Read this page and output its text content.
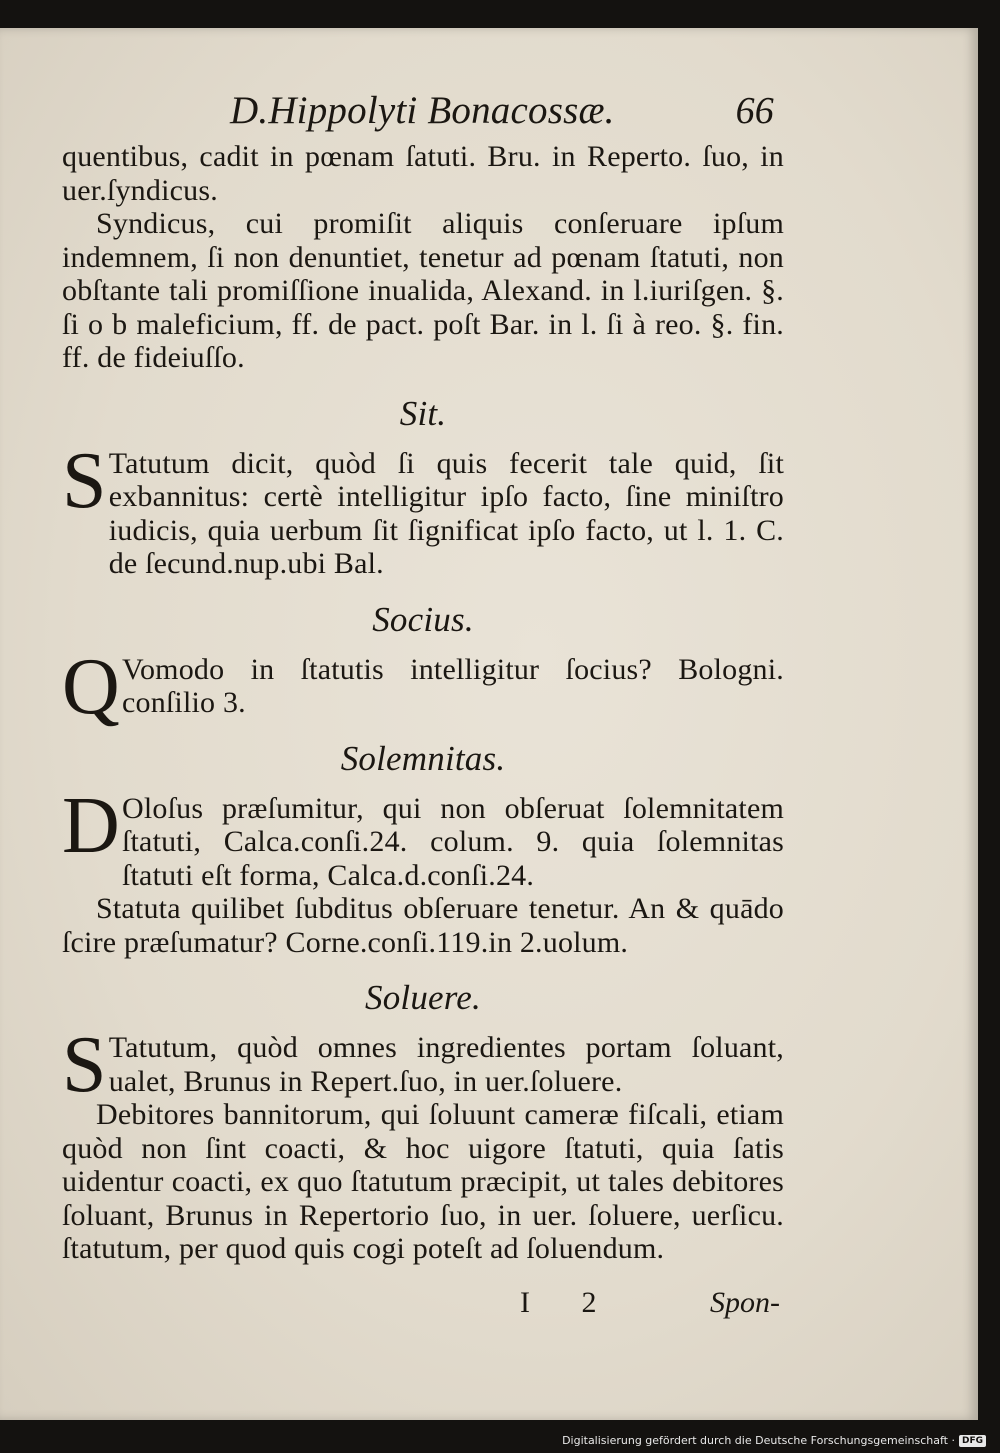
D.Hippolyti Bonacossæ.	66

quentibus, cadit in pœnam ſatuti. Bru. in Reperto. ſuo, in uer.ſyndicus.

Syndicus, cui promiſit aliquis conſeruare ipſum indemnem, ſi non denuntiet, tenetur ad pœnam ſtatuti, non obſtante tali promiſſione inualida, Alexand. in l.iuriſgen. §. ſi o b maleficium, ff. de pact. poſt Bar. in l. ſi à reo. §. fin. ff. de fideiuſſo.

Sit.
S Tatutum dicit, quòd ſi quis fecerit tale quid, ſit exbannitus: certè intelligitur ipſo facto, ſine miniſtro iudicis, quia uerbum ſit ſignificat ipſo facto, ut l. 1. C. de ſecund.nup.ubi Bal.

Socius.
Q Vomodo in ſtatutis intelligitur ſocius? Bologni. conſilio 3.

Solemnitas.
D Oloſus præſumitur, qui non obſeruat ſolemnitatem ſtatuti, Calca.conſi.24. colum. 9. quia ſolemnitas ſtatuti eſt forma, Calca.d.conſi.24.

Statuta quilibet ſubditus obſeruare tenetur. An & quādo ſcire præſumatur? Corne.conſi.119.in 2.uolum.

Soluere.
S Tatutum, quòd omnes ingredientes portam ſoluant, ualet, Brunus in Repert.ſuo, in uer.ſoluere.

Debitores bannitorum, qui ſoluunt cameræ fiſcali, etiam quòd non ſint coacti, & hoc uigore ſtatuti, quia ſatis uidentur coacti, ex quo ſtatutum præcipit, ut tales debitores ſoluant, Brunus in Repertorio ſuo, in uer. ſoluere, uerſicu. ſtatutum, per quod quis cogi poteſt ad ſoluendum.

I 2	Spon-
Digitalisierung gefördert durch die Deutsche Forschungsgemeinschaft · DFG
